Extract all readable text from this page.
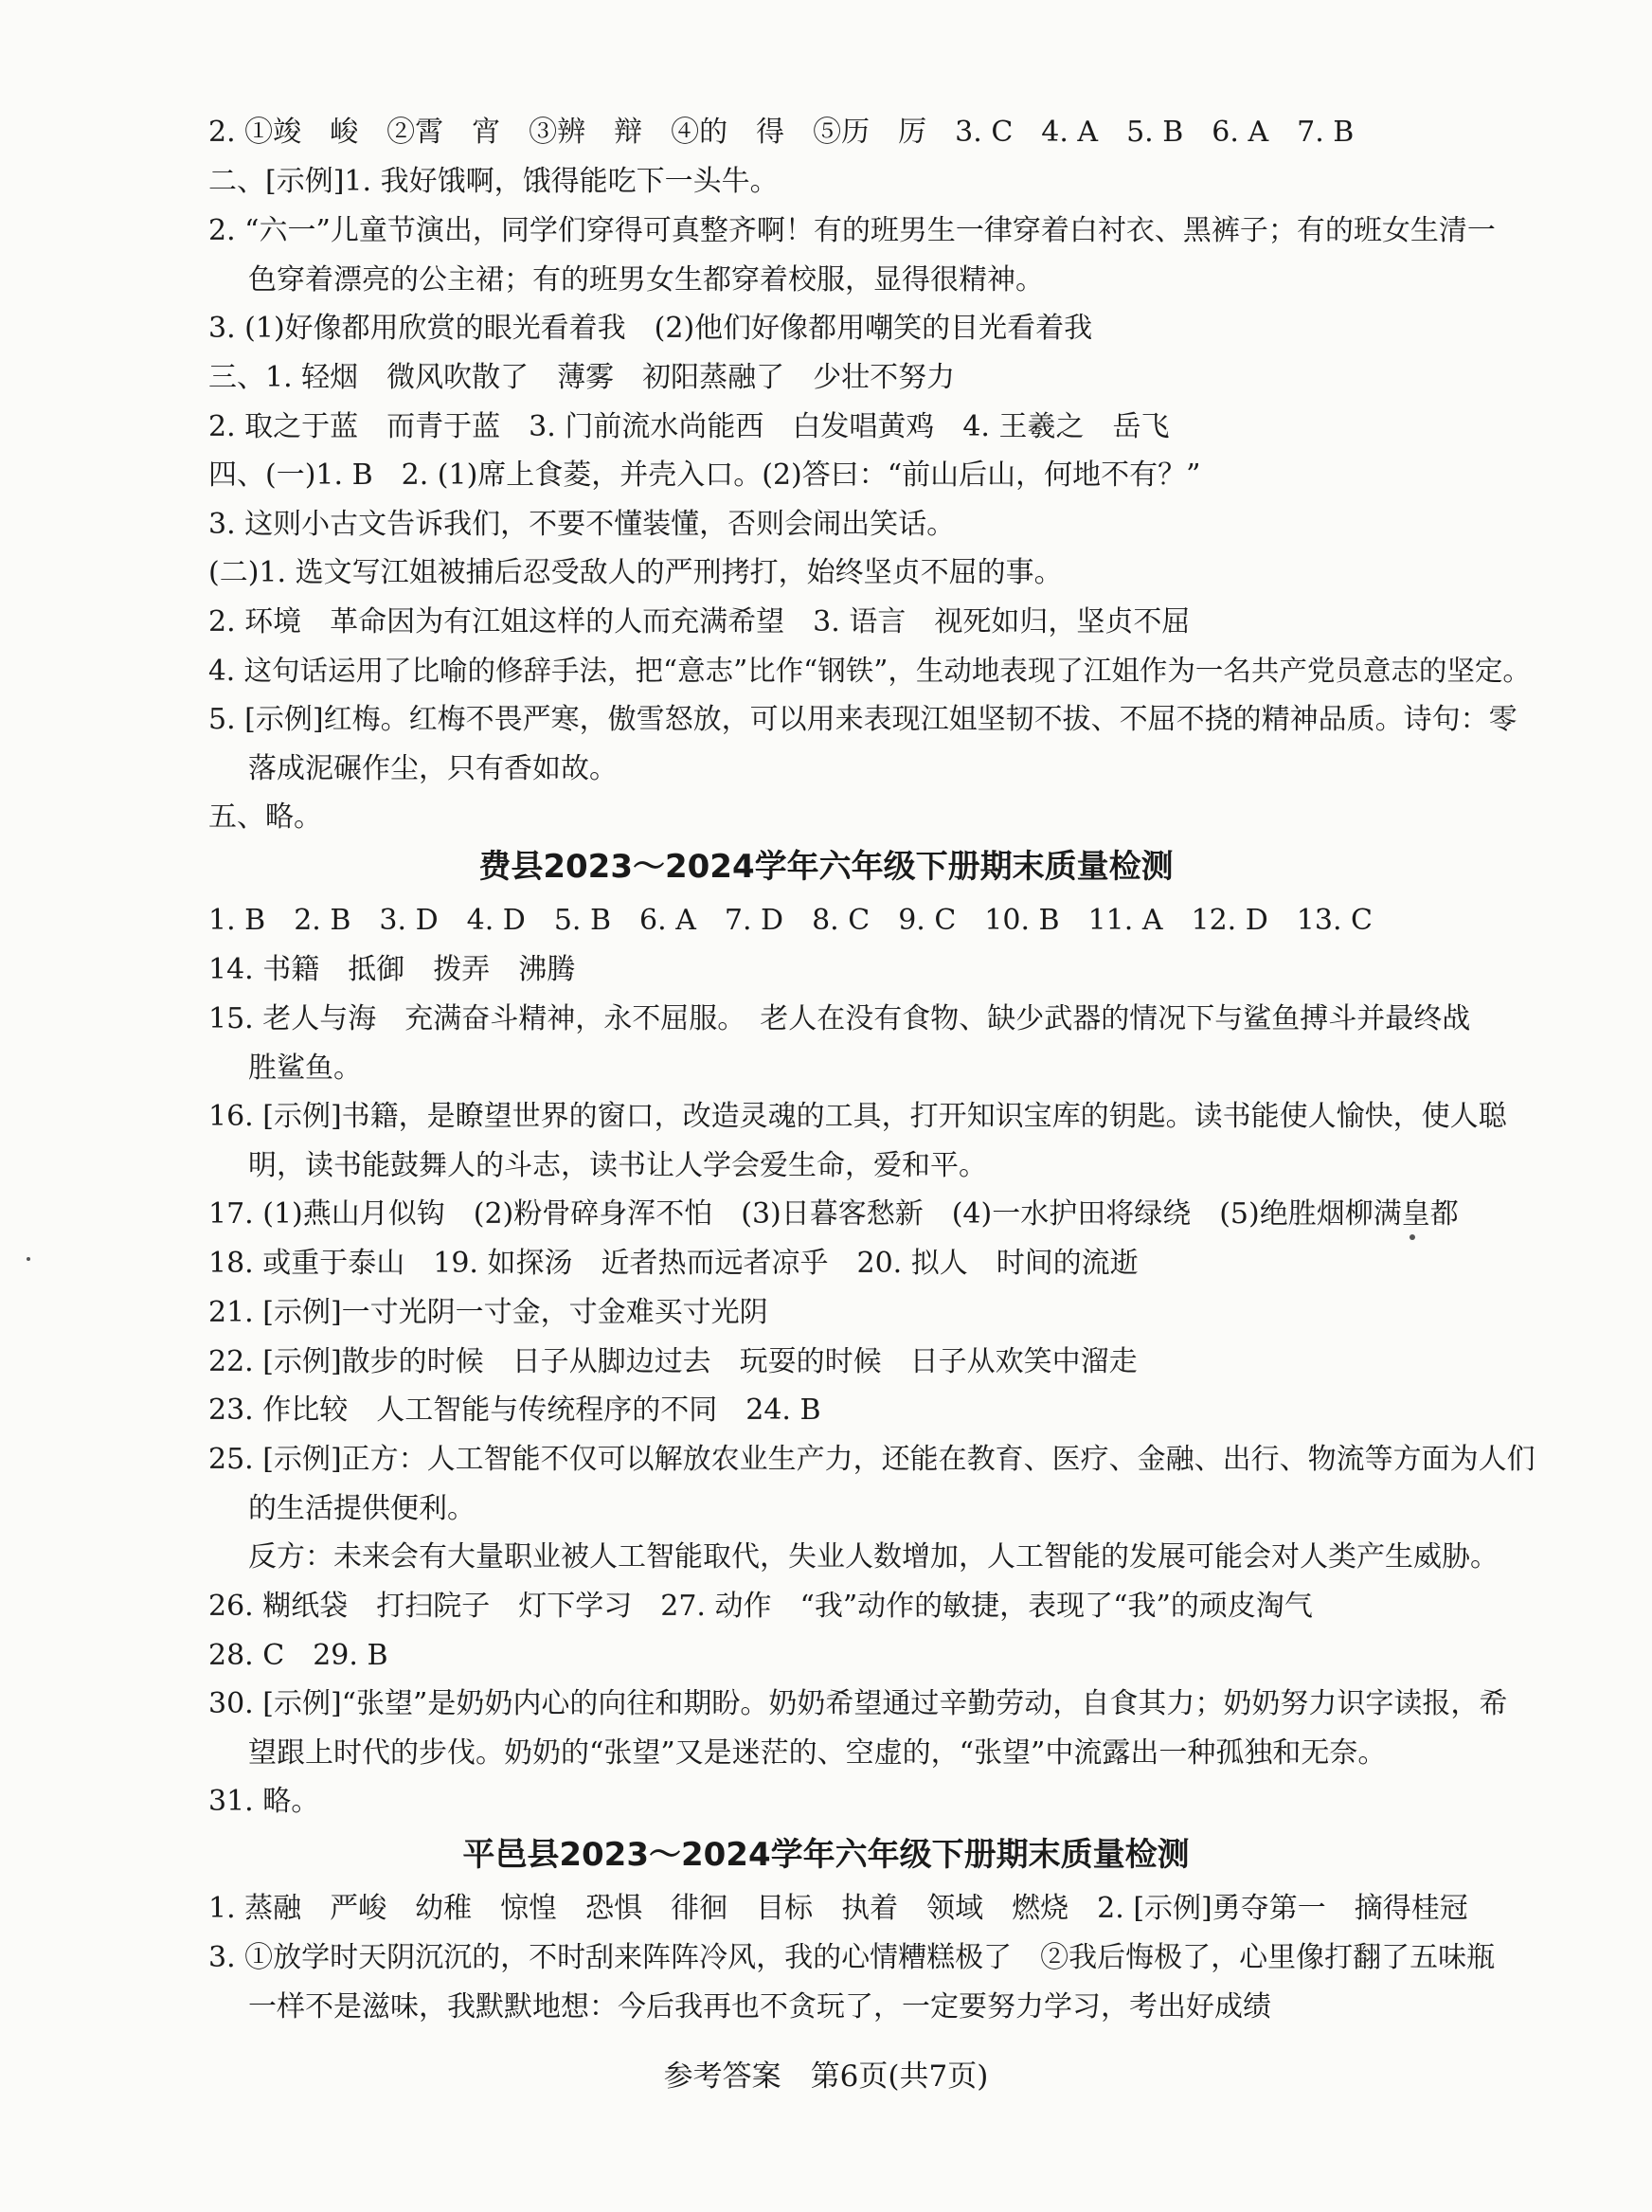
2. ①竣　峻　②霄　宵　③辨　辩　④的　得　⑤历　厉　3. C　4. A　5. B　6. A　7. B
二、[示例]1. 我好饿啊，饿得能吃下一头牛。
2. “六一”儿童节演出，同学们穿得可真整齐啊！有的班男生一律穿着白衬衣、黑裤子；有的班女生清一
色穿着漂亮的公主裙；有的班男女生都穿着校服，显得很精神。
3. (1)好像都用欣赏的眼光看着我　(2)他们好像都用嘲笑的目光看着我
三、1. 轻烟　微风吹散了　薄雾　初阳蒸融了　少壮不努力
2. 取之于蓝　而青于蓝　3. 门前流水尚能西　白发唱黄鸡　4. 王羲之　岳飞
四、(一)1. B　2. (1)席上食菱，并壳入口。(2)答曰：“前山后山，何地不有？”
3. 这则小古文告诉我们，不要不懂装懂，否则会闹出笑话。
(二)1. 选文写江姐被捕后忍受敌人的严刑拷打，始终坚贞不屈的事。
2. 环境　革命因为有江姐这样的人而充满希望　3. 语言　视死如归，坚贞不屈
4. 这句话运用了比喻的修辞手法，把“意志”比作“钢铁”，生动地表现了江姐作为一名共产党员意志的坚定。
5. [示例]红梅。红梅不畏严寒，傲雪怒放，可以用来表现江姐坚韧不拔、不屈不挠的精神品质。诗句：零
落成泥碾作尘，只有香如故。
五、略。
费县2023～2024学年六年级下册期末质量检测
1. B　2. B　3. D　4. D　5. B　6. A　7. D　8. C　9. C　10. B　11. A　12. D　13. C
14. 书籍　抵御　拨弄　沸腾
15. 老人与海　充满奋斗精神，永不屈服。　老人在没有食物、缺少武器的情况下与鲨鱼搏斗并最终战
胜鲨鱼。
16. [示例]书籍，是瞭望世界的窗口，改造灵魂的工具，打开知识宝库的钥匙。读书能使人愉快，使人聪
明，读书能鼓舞人的斗志，读书让人学会爱生命，爱和平。
17. (1)燕山月似钩　(2)粉骨碎身浑不怕　(3)日暮客愁新　(4)一水护田将绿绕　(5)绝胜烟柳满皇都
18. 或重于泰山　19. 如探汤　近者热而远者凉乎　20. 拟人　时间的流逝
21. [示例]一寸光阴一寸金，寸金难买寸光阴
22. [示例]散步的时候　日子从脚边过去　玩耍的时候　日子从欢笑中溜走
23. 作比较　人工智能与传统程序的不同　24. B
25. [示例]正方：人工智能不仅可以解放农业生产力，还能在教育、医疗、金融、出行、物流等方面为人们
的生活提供便利。
反方：未来会有大量职业被人工智能取代，失业人数增加，人工智能的发展可能会对人类产生威胁。
26. 糊纸袋　打扫院子　灯下学习　27. 动作　“我”动作的敏捷，表现了“我”的顽皮淘气
28. C　29. B
30. [示例]“张望”是奶奶内心的向往和期盼。奶奶希望通过辛勤劳动，自食其力；奶奶努力识字读报，希
望跟上时代的步伐。奶奶的“张望”又是迷茫的、空虚的，“张望”中流露出一种孤独和无奈。
31. 略。
平邑县2023～2024学年六年级下册期末质量检测
1. 蒸融　严峻　幼稚　惊惶　恐惧　徘徊　目标　执着　领域　燃烧　2. [示例]勇夺第一　摘得桂冠
3. ①放学时天阴沉沉的，不时刮来阵阵冷风，我的心情糟糕极了　②我后悔极了，心里像打翻了五味瓶
一样不是滋味，我默默地想：今后我再也不贪玩了，一定要努力学习，考出好成绩
参考答案　第6页(共7页)
